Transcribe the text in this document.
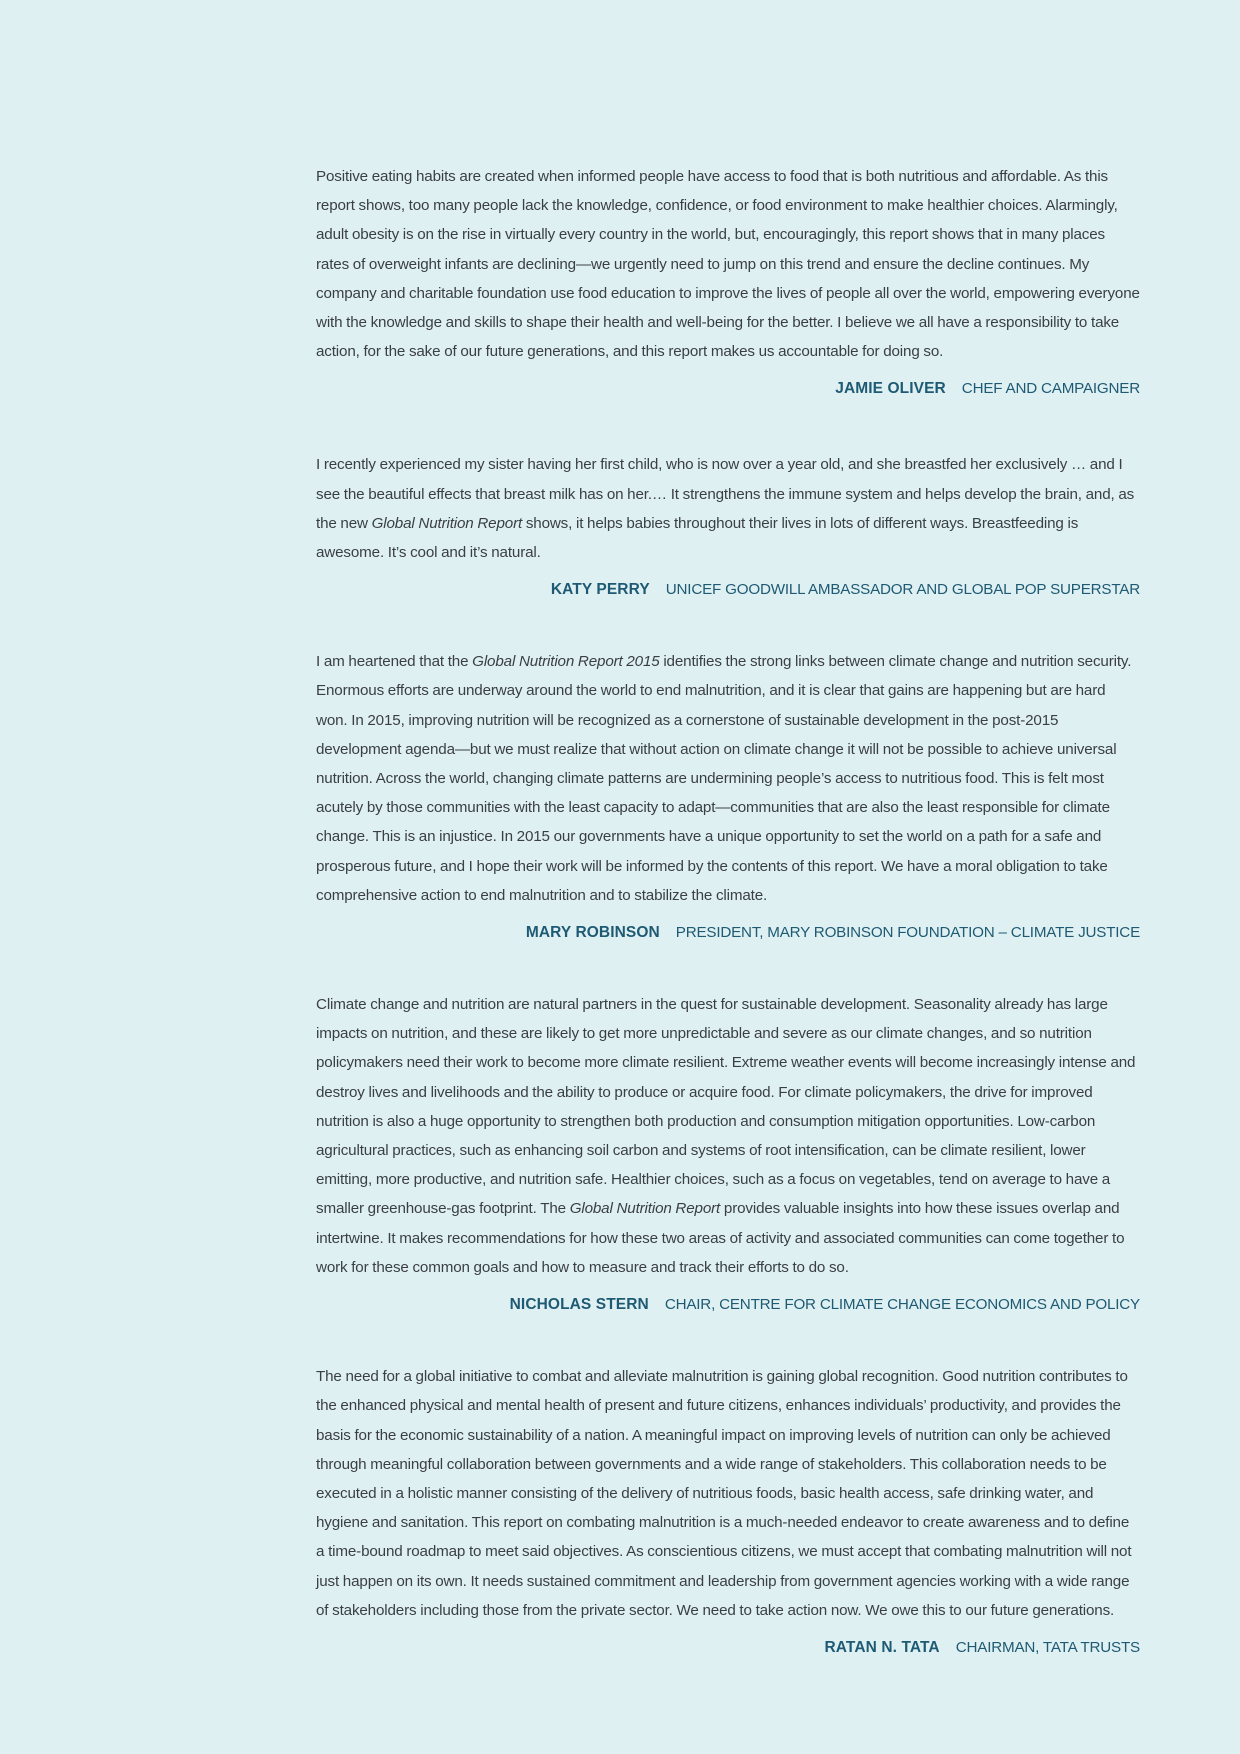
Positive eating habits are created when informed people have access to food that is both nutritious and affordable. As this report shows, too many people lack the knowledge, confidence, or food environment to make healthier choices. Alarmingly, adult obesity is on the rise in virtually every country in the world, but, encouragingly, this report shows that in many places rates of overweight infants are declining—we urgently need to jump on this trend and ensure the decline continues. My company and charitable foundation use food education to improve the lives of people all over the world, empowering everyone with the knowledge and skills to shape their health and well-being for the better. I believe we all have a responsibility to take action, for the sake of our future generations, and this report makes us accountable for doing so.

JAMIE OLIVER CHEF AND CAMPAIGNER

I recently experienced my sister having her first child, who is now over a year old, and she breastfed her exclusively … and I see the beautiful effects that breast milk has on her.… It strengthens the immune system and helps develop the brain, and, as the new Global Nutrition Report shows, it helps babies throughout their lives in lots of different ways. Breastfeeding is awesome. It’s cool and it’s natural.

KATY PERRY UNICEF GOODWILL AMBASSADOR AND GLOBAL POP SUPERSTAR

I am heartened that the Global Nutrition Report 2015 identifies the strong links between climate change and nutrition security. Enormous efforts are underway around the world to end malnutrition, and it is clear that gains are happening but are hard won. In 2015, improving nutrition will be recognized as a cornerstone of sustainable development in the post-2015 development agenda—but we must realize that without action on climate change it will not be possible to achieve universal nutrition. Across the world, changing climate patterns are undermining people’s access to nutritious food. This is felt most acutely by those communities with the least capacity to adapt—communities that are also the least responsible for climate change. This is an injustice. In 2015 our governments have a unique opportunity to set the world on a path for a safe and prosperous future, and I hope their work will be informed by the contents of this report. We have a moral obligation to take comprehensive action to end malnutrition and to stabilize the climate.

MARY ROBINSON PRESIDENT, MARY ROBINSON FOUNDATION – CLIMATE JUSTICE

Climate change and nutrition are natural partners in the quest for sustainable development. Seasonality already has large impacts on nutrition, and these are likely to get more unpredictable and severe as our climate changes, and so nutrition policymakers need their work to become more climate resilient. Extreme weather events will become increasingly intense and destroy lives and livelihoods and the ability to produce or acquire food. For climate policymakers, the drive for improved nutrition is also a huge opportunity to strengthen both production and consumption mitigation opportunities. Low-carbon agricultural practices, such as enhancing soil carbon and systems of root intensification, can be climate resilient, lower emitting, more productive, and nutrition safe. Healthier choices, such as a focus on vegetables, tend on average to have a smaller greenhouse-gas footprint. The Global Nutrition Report provides valuable insights into how these issues overlap and intertwine. It makes recommendations for how these two areas of activity and associated communities can come together to work for these common goals and how to measure and track their efforts to do so.

NICHOLAS STERN CHAIR, CENTRE FOR CLIMATE CHANGE ECONOMICS AND POLICY

The need for a global initiative to combat and alleviate malnutrition is gaining global recognition. Good nutrition contributes to the enhanced physical and mental health of present and future citizens, enhances individuals’ productivity, and provides the basis for the economic sustainability of a nation. A meaningful impact on improving levels of nutrition can only be achieved through meaningful collaboration between governments and a wide range of stakeholders. This collaboration needs to be executed in a holistic manner consisting of the delivery of nutritious foods, basic health access, safe drinking water, and hygiene and sanitation. This report on combating malnutrition is a much-needed endeavor to create awareness and to define a time-bound roadmap to meet said objectives. As conscientious citizens, we must accept that combating malnutrition will not just happen on its own. It needs sustained commitment and leadership from government agencies working with a wide range of stakeholders including those from the private sector. We need to take action now. We owe this to our future generations.

RATAN N. TATA CHAIRMAN, TATA TRUSTS
